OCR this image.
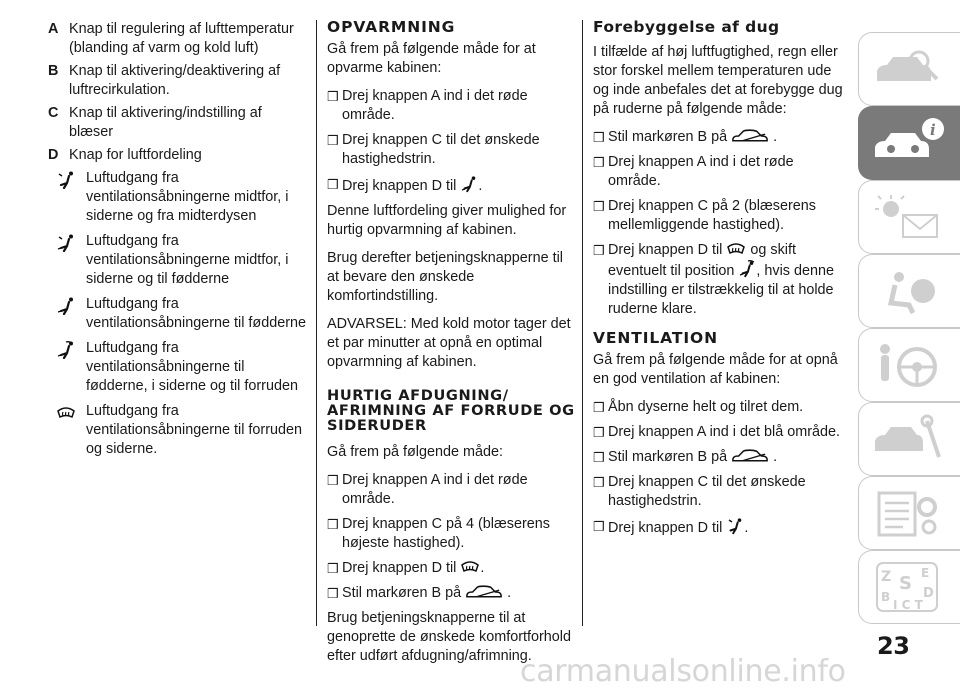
A Knap til regulering af lufttemperatur (blanding af varm og kold luft)
B Knap til aktivering/deaktivering af luftrecirkulation.
C Knap til aktivering/indstilling af blæser
D Knap for luftfordeling
Luftudgang fra ventilationsåbningerne midtfor, i siderne og fra midterdysen
Luftudgang fra ventilationsåbningerne midtfor, i siderne og til fødderne
Luftudgang fra ventilationsåbningerne til fødderne
Luftudgang fra ventilationsåbningerne til fødderne, i siderne og til forruden
Luftudgang fra ventilationsåbningerne til forruden og siderne.
OPVARMNING

Gå frem på følgende måde for at opvarme kabinen:

❒ Drej knappen A ind i det røde område.
❒ Drej knappen C til det ønskede hastighedstrin.
❒ Drej knappen D til .

Denne luftfordeling giver mulighed for hurtig opvarmning af kabinen.

Brug derefter betjeningsknapperne til at bevare den ønskede komfortindstilling.

ADVARSEL: Med kold motor tager det et par minutter at opnå en optimal opvarmning af kabinen.

HURTIG AFDUGNING/ AFRIMNING AF FORRUDE OG SIDERUDER

Gå frem på følgende måde:

❒ Drej knappen A ind i det røde område.
❒ Drej knappen C på 4 (blæserens højeste hastighed).
❒ Drej knappen D til .
❒ Stil markøren B på	.

Brug betjeningsknapperne til at genoprette de ønskede komfortforhold efter udført afdugning/afrimning.

Forebyggelse af dug

I tilfælde af høj luftfugtighed, regn eller stor forskel mellem temperaturen ude og inde anbefales det at forebygge dug på ruderne på følgende måde:

❒ Stil markøren B på	.
❒ Drej knappen A ind i det røde område.
❒ Drej knappen C på 2 (blæserens mellemliggende hastighed).
❒ Drej knappen D til og skift eventuelt til position , hvis denne indstilling er tilstrækkelig til at holde ruderne klare.
VENTILATION

Gå frem på følgende måde for at opnå en god ventilation af kabinen:

❒ Åbn dyserne helt og tilret dem.
❒ Drej knappen A ind i det blå område.
❒ Stil markøren B på	.
❒ Drej knappen C til det ønskede hastighedstrin.
❒ Drej knappen D til .
i
Z E
S
B	D
I C T
23
carmanualsonline.info
